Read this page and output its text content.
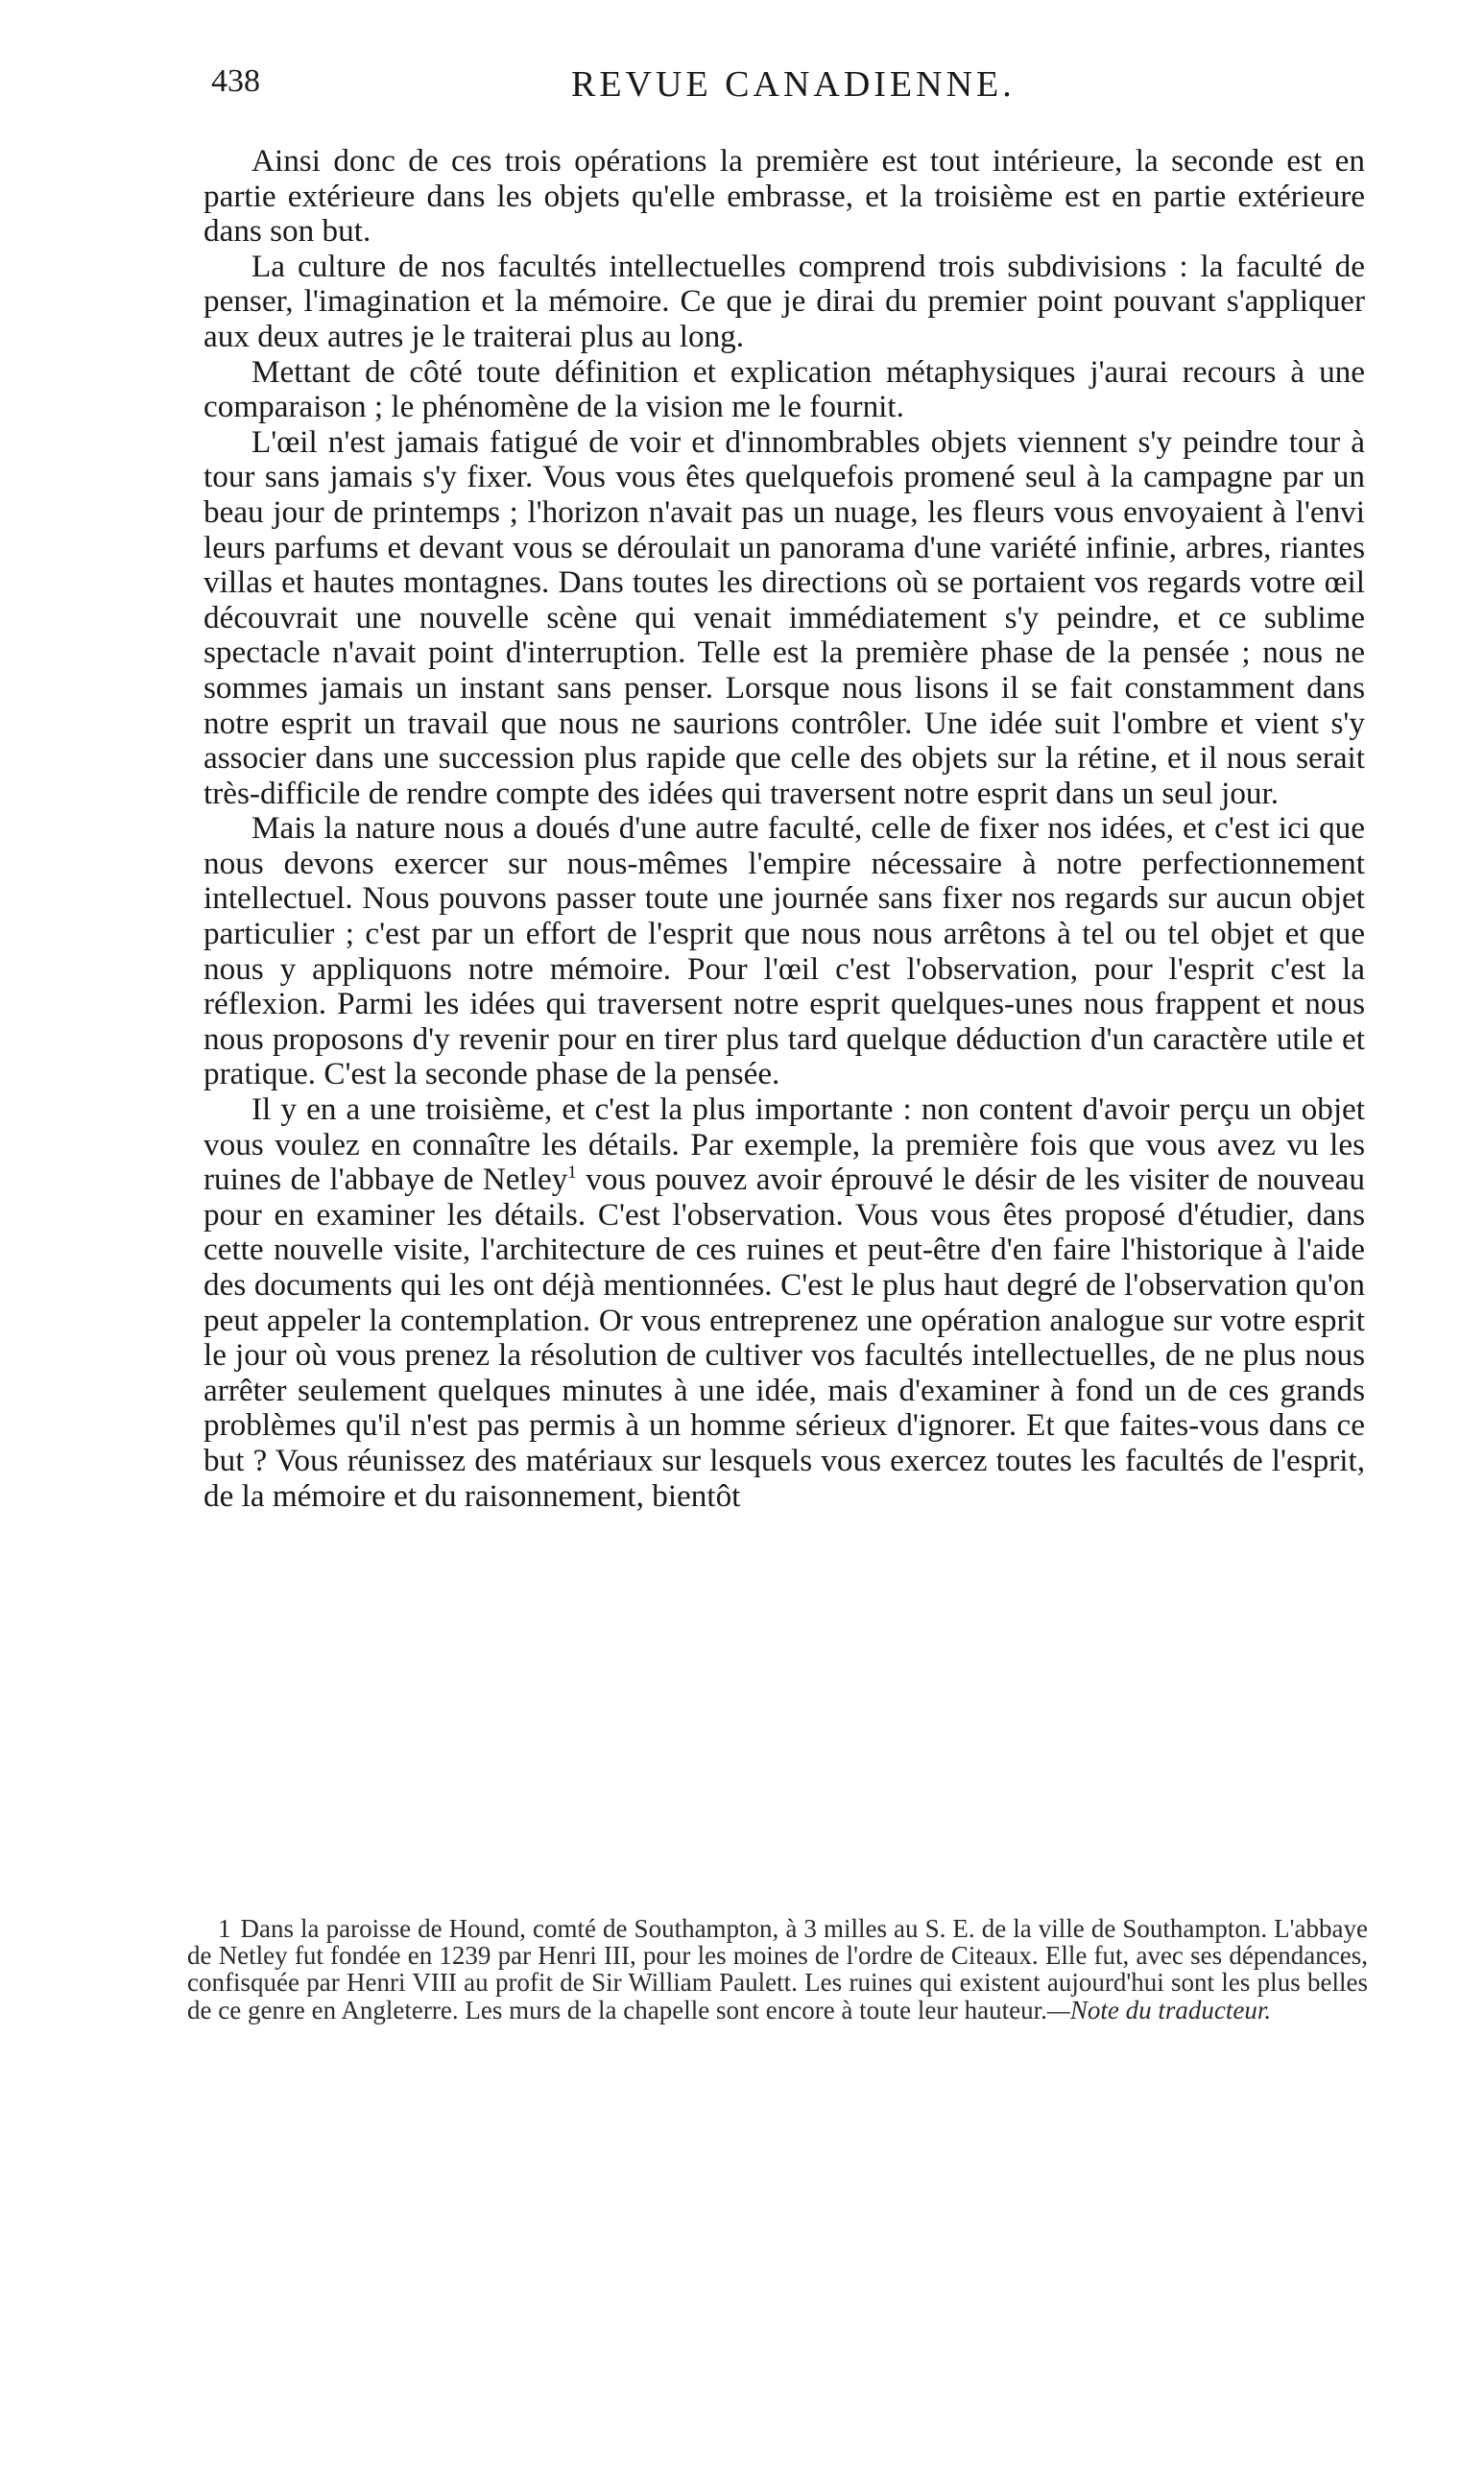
438	REVUE CANADIENNE.

Ainsi donc de ces trois opérations la première est tout intérieure, la seconde est en partie extérieure dans les objets qu'elle embrasse, et la troisième est en partie extérieure dans son but.

La culture de nos facultés intellectuelles comprend trois subdivisions : la faculté de penser, l'imagination et la mémoire. Ce que je dirai du premier point pouvant s'appliquer aux deux autres je le traiterai plus au long.

Mettant de côté toute définition et explication métaphysiques j'aurai recours à une comparaison ; le phénomène de la vision me le fournit.

L'œil n'est jamais fatigué de voir et d'innombrables objets viennent s'y peindre tour à tour sans jamais s'y fixer. Vous vous êtes quelquefois promené seul à la campagne par un beau jour de printemps ; l'horizon n'avait pas un nuage, les fleurs vous envoyaient à l'envi leurs parfums et devant vous se déroulait un panorama d'une variété infinie, arbres, riantes villas et hautes montagnes. Dans toutes les directions où se portaient vos regards votre œil découvrait une nouvelle scène qui venait immédiatement s'y peindre, et ce sublime spectacle n'avait point d'interruption. Telle est la première phase de la pensée ; nous ne sommes jamais un instant sans penser. Lorsque nous lisons il se fait constamment dans notre esprit un travail que nous ne saurions contrôler. Une idée suit l'ombre et vient s'y associer dans une succession plus rapide que celle des objets sur la rétine, et il nous serait très-difficile de rendre compte des idées qui traversent notre esprit dans un seul jour.

Mais la nature nous a doués d'une autre faculté, celle de fixer nos idées, et c'est ici que nous devons exercer sur nous-mêmes l'empire nécessaire à notre perfectionnement intellectuel. Nous pouvons passer toute une journée sans fixer nos regards sur aucun objet particulier ; c'est par un effort de l'esprit que nous nous arrêtons à tel ou tel objet et que nous y appliquons notre mémoire. Pour l'œil c'est l'observation, pour l'esprit c'est la réflexion. Parmi les idées qui traversent notre esprit quelques-unes nous frappent et nous nous proposons d'y revenir pour en tirer plus tard quelque déduction d'un caractère utile et pratique. C'est la seconde phase de la pensée.

Il y en a une troisième, et c'est la plus importante : non content d'avoir perçu un objet vous voulez en connaître les détails. Par exemple, la première fois que vous avez vu les ruines de l'abbaye de Netley$^1$ vous pouvez avoir éprouvé le désir de les visiter de nouveau pour en examiner les détails. C'est l'observation. Vous vous êtes proposé d'étudier, dans cette nouvelle visite, l'architecture de ces ruines et peut-être d'en faire l'historique à l'aide des documents qui les ont déjà mentionnées. C'est le plus haut degré de l'observation qu'on peut appeler la contemplation. Or vous entreprenez une opération analogue sur votre esprit le jour où vous prenez la résolution de cultiver vos facultés intellectuelles, de ne plus nous arrêter seulement quelques minutes à une idée, mais d'examiner à fond un de ces grands problèmes qu'il n'est pas permis à un homme sérieux d'ignorer. Et que faites-vous dans ce but ? Vous réunissez des matériaux sur lesquels vous exercez toutes les facultés de l'esprit, de la mémoire et du raisonnement, bientôt

1 Dans la paroisse de Hound, comté de Southampton, à 3 milles au S. E. de la ville de Southampton. L'abbaye de Netley fut fondée en 1239 par Henri III, pour les moines de l'ordre de Citeaux. Elle fut, avec ses dépendances, confisquée par Henri VIII au profit de Sir William Paulett. Les ruines qui existent aujourd'hui sont les plus belles de ce genre en Angleterre. Les murs de la chapelle sont encore à toute leur hauteur.—Note du traducteur.
